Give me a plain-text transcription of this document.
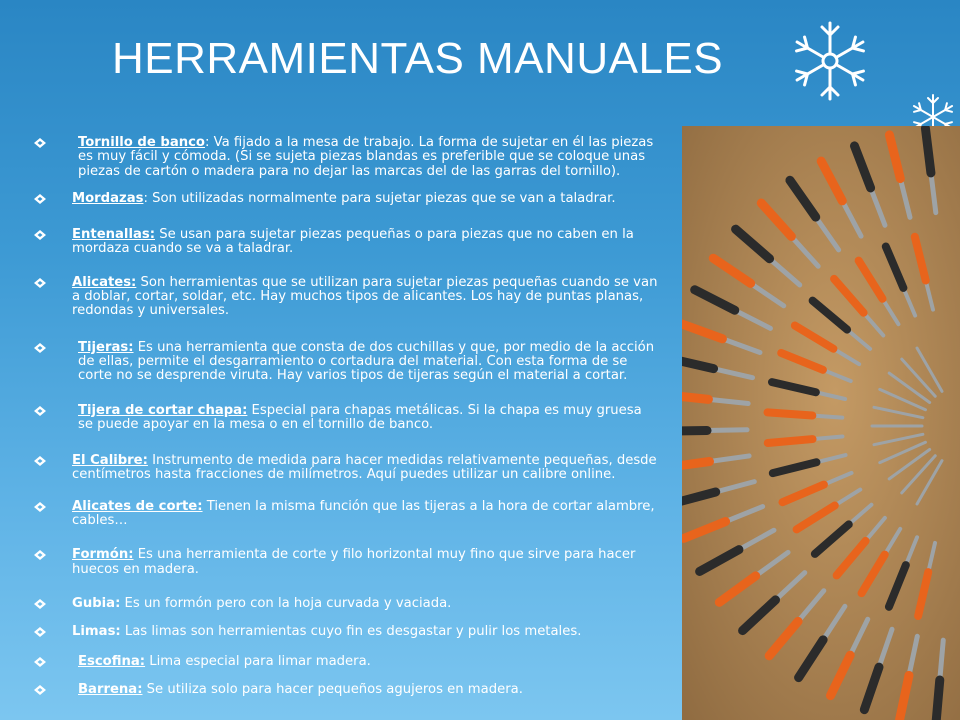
HERRAMIENTAS MANUALES
Tornillo de banco: Va fijado a la mesa de trabajo. La forma de sujetar en él las piezas es muy fácil y cómoda. (Si se sujeta piezas blandas es preferible que se coloque unas piezas de cartón o madera para no dejar las marcas del de las garras del tornillo).
Mordazas: Son utilizadas normalmente para sujetar piezas que se van a taladrar.
Entenallas: Se usan para sujetar piezas pequeñas o para piezas que no caben en la mordaza cuando se va a taladrar.
Alicates: Son herramientas que se utilizan para sujetar piezas pequeñas cuando se van a doblar, cortar, soldar, etc. Hay muchos tipos de alicantes. Los hay de puntas planas, redondas y universales.
Tijeras: Es una herramienta que consta de dos cuchillas y que, por medio de la acción de ellas, permite el desgarramiento o cortadura del material. Con esta forma de se corte no se desprende viruta. Hay varios tipos de tijeras según el material a cortar.
Tijera de cortar chapa: Especial para chapas metálicas. Si la chapa es muy gruesa se puede apoyar en la mesa o en el tornillo de banco.
El Calibre: Instrumento de medida para hacer medidas relativamente pequeñas, desde centímetros hasta fracciones de milímetros. Aquí puedes utilizar un calibre online.
Alicates de corte: Tienen la misma función que las tijeras a la hora de cortar alambre, cables…
Formón: Es una herramienta de corte y filo horizontal muy fino que sirve para hacer huecos en madera.
Gubia: Es un formón pero con la hoja curvada y vaciada.
Limas: Las limas son herramientas cuyo fin es desgastar y pulir los metales.
Escofina: Lima especial para limar madera.
Barrena: Se utiliza solo para hacer pequeños agujeros en madera.
